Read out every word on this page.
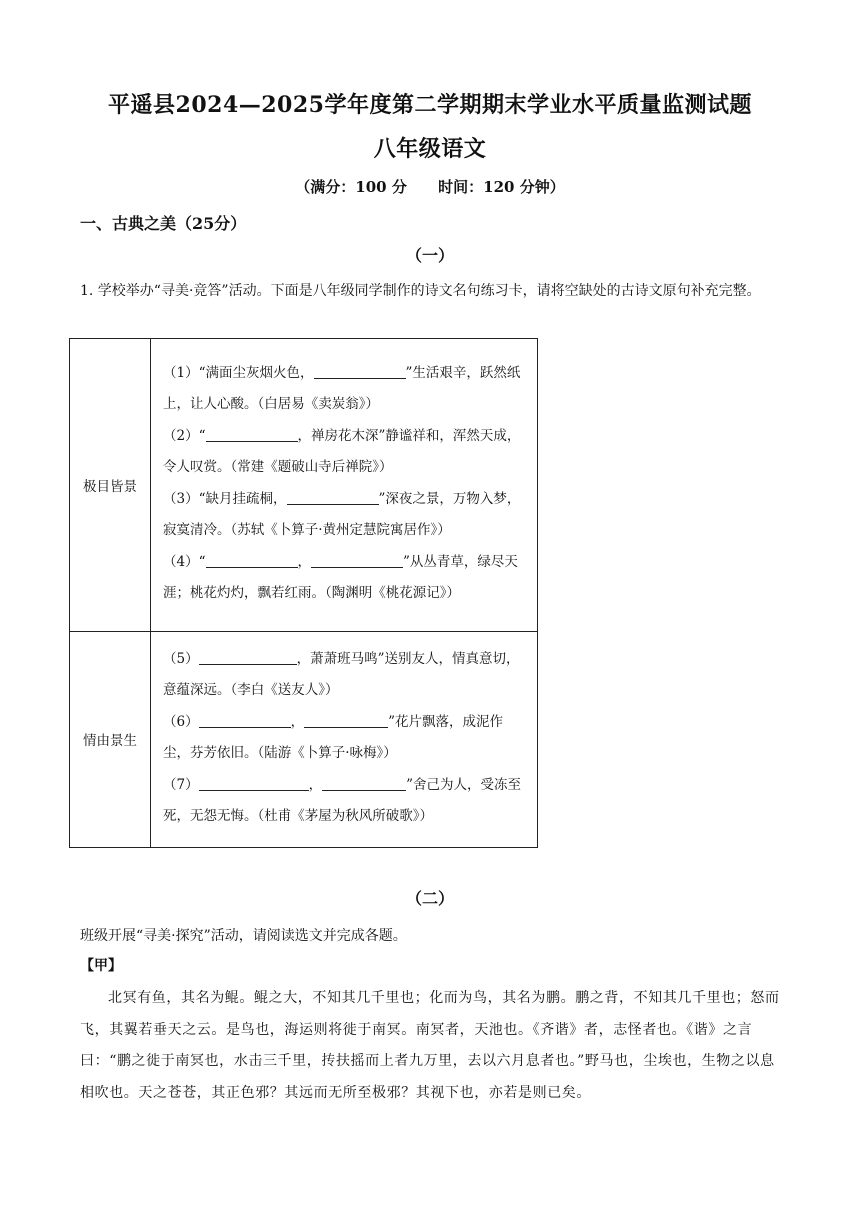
平遥县2024—2025学年度第二学期期末学业水平质量监测试题
八年级语文
（满分：100 分      时间：120 分钟）
一、古典之美（25分）
（一）
1. 学校举办“寻美·竞答”活动。下面是八年级同学制作的诗文名句练习卡，请将空缺处的古诗文原句补充完整。
极目皆景	（1）“满面尘灰烟火色， ”生活艰辛，跃然纸上，让人心酸。（白居易《卖炭翁》）
（2）“ ，禅房花木深”静谧祥和，浑然天成，令人叹赏。（常建《题破山寺后禅院》）
（3）“缺月挂疏桐， ”深夜之景，万物入梦，寂寞清冷。（苏轼《卜算子·黄州定慧院寓居作》）
（4）“ ， ”从丛青草，绿尽天涯；桃花灼灼，飘若红雨。（陶渊明《桃花源记》）

情由景生	（5） ，萧萧班马鸣”送别友人，情真意切，意蕴深远。（李白《送友人》）
（6） ， ”花片飘落，成泥作尘，芬芳依旧。（陆游《卜算子·咏梅》）
（7） ， ”舍己为人，受冻至死，无怨无悔。（杜甫《茅屋为秋风所破歌》）
（二）
班级开展“寻美·探究”活动，请阅读选文并完成各题。
【甲】
北冥有鱼，其名为鲲。鲲之大，不知其几千里也；化而为鸟，其名为鹏。鹏之背，不知其几千里也；怒而飞，其翼若垂天之云。是鸟也，海运则将徙于南冥。南冥者，天池也。《齐谐》者，志怪者也。《谐》之言曰：“鹏之徙于南冥也，水击三千里，抟扶摇而上者九万里，去以六月息者也。”野马也，尘埃也，生物之以息相吹也。天之苍苍，其正色邪？其远而无所至极邪？其视下也，亦若是则已矣。
